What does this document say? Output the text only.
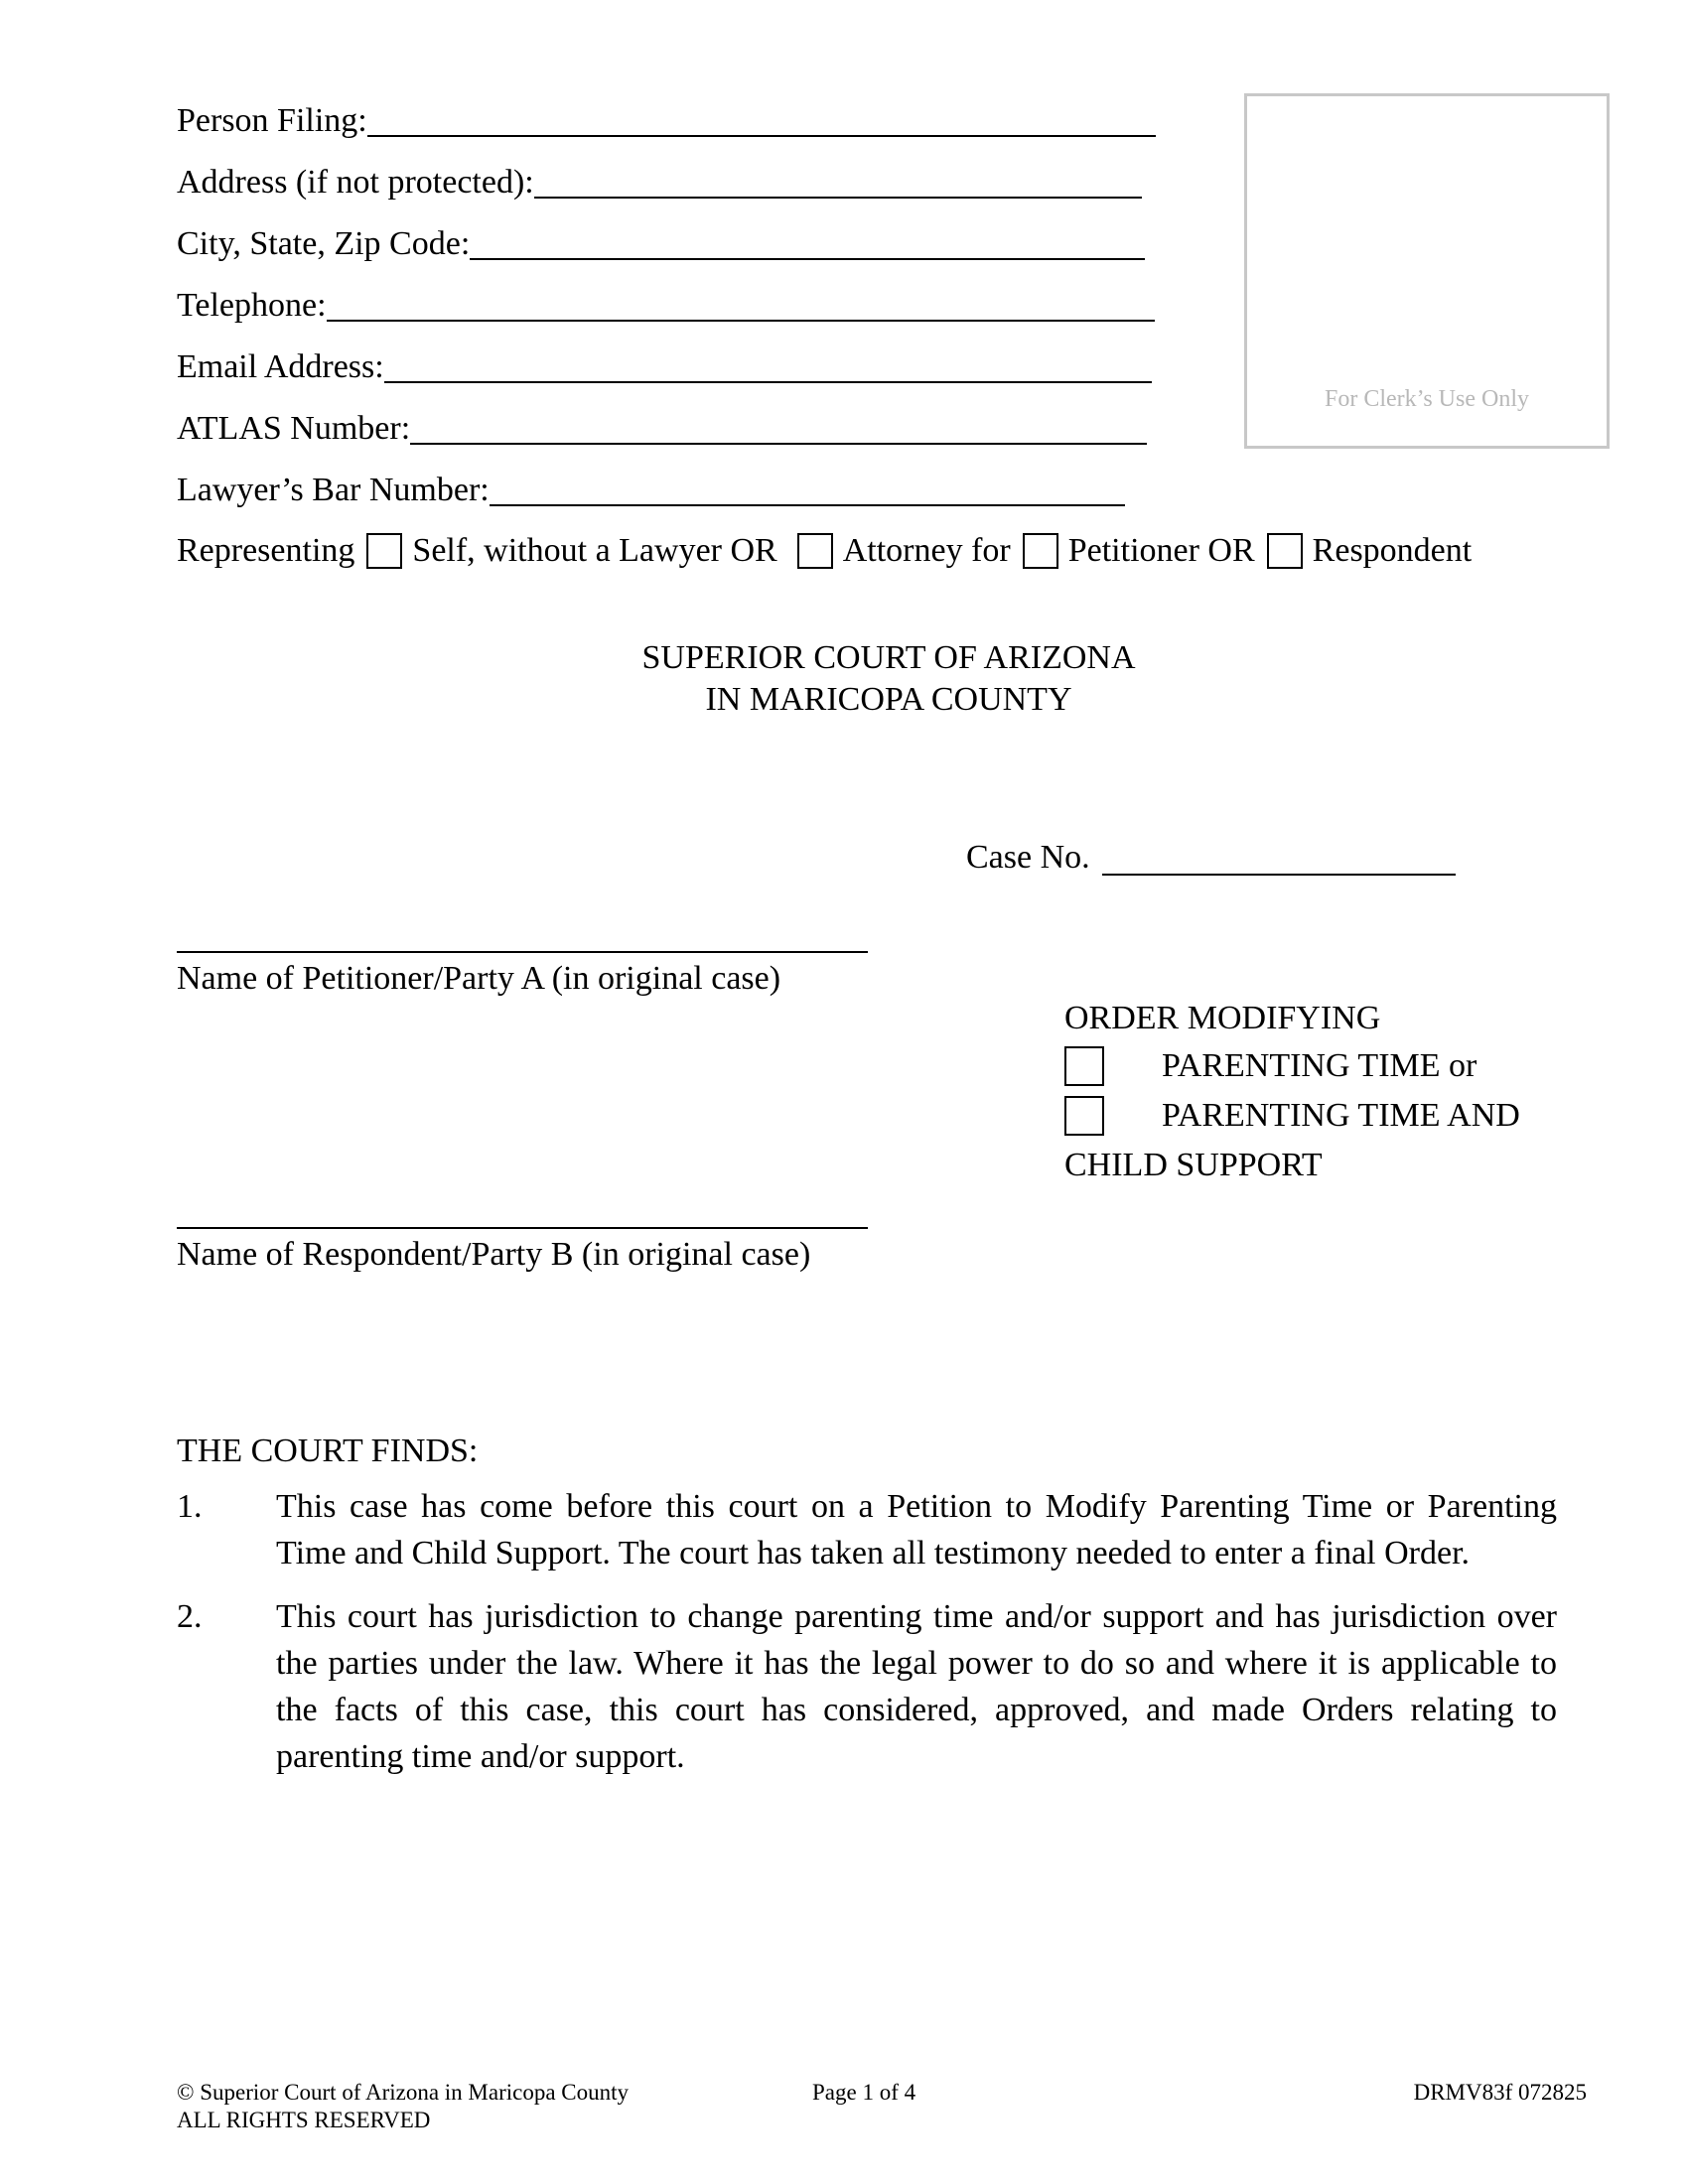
Person Filing:
Address (if not protected):
City, State, Zip Code:
Telephone:
Email Address:
ATLAS Number:
Lawyer’s Bar Number:
For Clerk’s Use Only
Representing Self, without a Lawyer OR Attorney for Petitioner OR Respondent
SUPERIOR COURT OF ARIZONA
IN MARICOPA COUNTY
Case No.
Name of Petitioner/Party A (in original case)
Name of Respondent/Party B (in original case)
ORDER MODIFYING
PARENTING TIME or
PARENTING TIME AND
CHILD SUPPORT
THE COURT FINDS:
1. This case has come before this court on a Petition to Modify Parenting Time or Parenting Time and Child Support. The court has taken all testimony needed to enter a final Order.
2. This court has jurisdiction to change parenting time and/or support and has jurisdiction over the parties under the law. Where it has the legal power to do so and where it is applicable to the facts of this case, this court has considered, approved, and made Orders relating to parenting time and/or support.
© Superior Court of Arizona in Maricopa County
ALL RIGHTS RESERVED
Page 1 of 4	DRMV83f 072825
